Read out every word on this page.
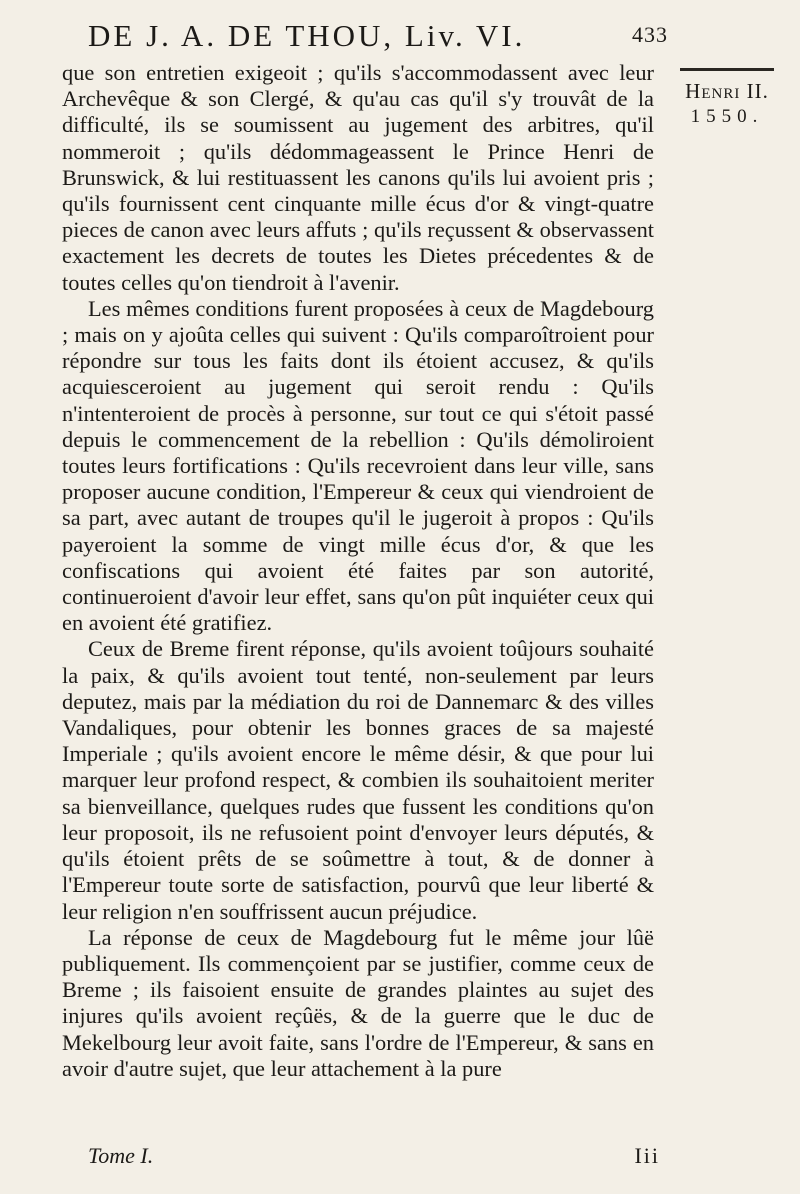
DE J. A. DE THOU, Liv. VI.	433
Henri II.
1550.

que son entretien exigeoit ; qu'ils s'accommodassent avec leur Archevêque & son Clergé, & qu'au cas qu'il s'y trouvât de la difficulté, ils se soumissent au jugement des arbitres, qu'il nommeroit ; qu'ils dédommageassent le Prince Henri de Brunswick, & lui restituassent les canons qu'ils lui avoient pris ; qu'ils fournissent cent cinquante mille écus d'or & vingt-quatre pieces de canon avec leurs affuts ; qu'ils reçussent & observassent exactement les decrets de toutes les Dietes précedentes & de toutes celles qu'on tiendroit à l'avenir.

Les mêmes conditions furent proposées à ceux de Magdebourg ; mais on y ajoûta celles qui suivent : Qu'ils comparoîtroient pour répondre sur tous les faits dont ils étoient accusez, & qu'ils acquiesceroient au jugement qui seroit rendu : Qu'ils n'intenteroient de procès à personne, sur tout ce qui s'étoit passé depuis le commencement de la rebellion : Qu'ils démoliroient toutes leurs fortifications : Qu'ils recevroient dans leur ville, sans proposer aucune condition, l'Empereur & ceux qui viendroient de sa part, avec autant de troupes qu'il le jugeroit à propos : Qu'ils payeroient la somme de vingt mille écus d'or, & que les confiscations qui avoient été faites par son autorité, continueroient d'avoir leur effet, sans qu'on pût inquiéter ceux qui en avoient été gratifiez.

Ceux de Breme firent réponse, qu'ils avoient toûjours souhaité la paix, & qu'ils avoient tout tenté, non-seulement par leurs deputez, mais par la médiation du roi de Dannemarc & des villes Vandaliques, pour obtenir les bonnes graces de sa majesté Imperiale ; qu'ils avoient encore le même désir, & que pour lui marquer leur profond respect, & combien ils souhaitoient meriter sa bienveillance, quelques rudes que fussent les conditions qu'on leur proposoit, ils ne refusoient point d'envoyer leurs députés, & qu'ils étoient prêts de se soûmettre à tout, & de donner à l'Empereur toute sorte de satisfaction, pourvû que leur liberté & leur religion n'en souffrissent aucun préjudice.

La réponse de ceux de Magdebourg fut le même jour lûë publiquement. Ils commençoient par se justifier, comme ceux de Breme ; ils faisoient ensuite de grandes plaintes au sujet des injures qu'ils avoient reçûës, & de la guerre que le duc de Mekelbourg leur avoit faite, sans l'ordre de l'Empereur, & sans en avoir d'autre sujet, que leur attachement à la pure

Tome I.	Iii
